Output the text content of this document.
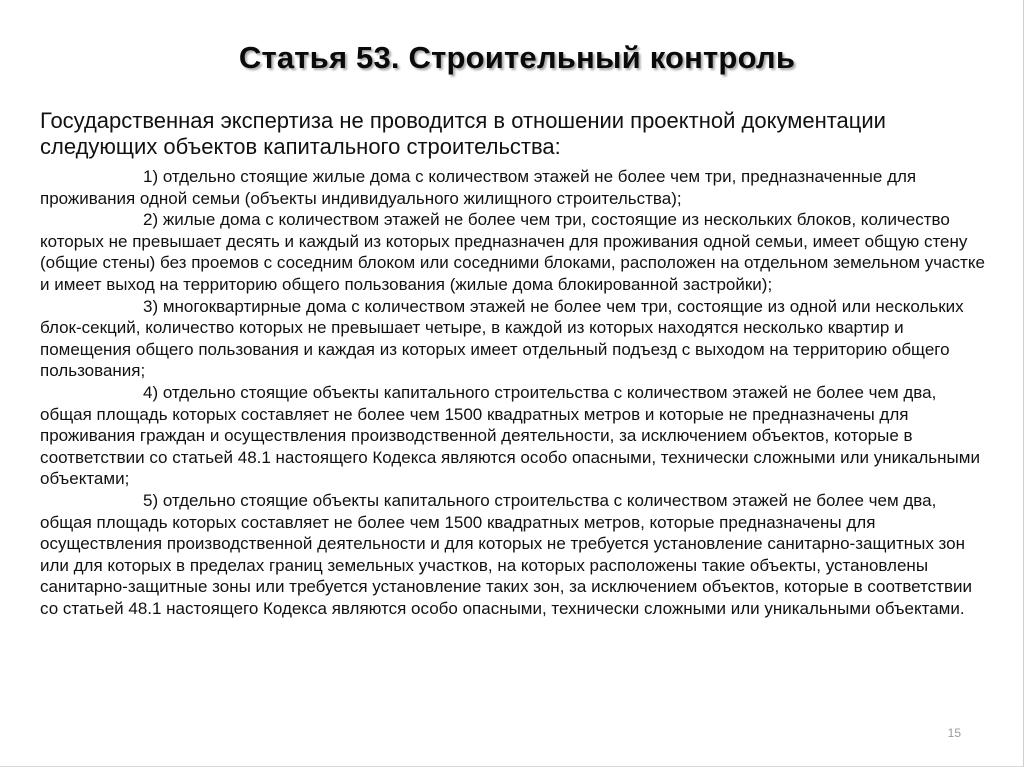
Статья 53. Строительный контроль

Государственная экспертиза не проводится в отношении проектной документации следующих объектов капитального строительства:

1) отдельно стоящие жилые дома с количеством этажей не более чем три, предназначенные для проживания одной семьи (объекты индивидуального жилищного строительства);
2) жилые дома с количеством этажей не более чем три, состоящие из нескольких блоков, количество которых не превышает десять и каждый из которых предназначен для проживания одной семьи, имеет общую стену (общие стены) без проемов с соседним блоком или соседними блоками, расположен на отдельном земельном участке и имеет выход на территорию общего пользования (жилые дома блокированной застройки);
3) многоквартирные дома с количеством этажей не более чем три, состоящие из одной или нескольких блок-секций, количество которых не превышает четыре, в каждой из которых находятся несколько квартир и помещения общего пользования и каждая из которых имеет отдельный подъезд с выходом на территорию общего пользования;
4) отдельно стоящие объекты капитального строительства с количеством этажей не более чем два, общая площадь которых составляет не более чем 1500 квадратных метров и которые не предназначены для проживания граждан и осуществления производственной деятельности, за исключением объектов, которые в соответствии со статьей 48.1 настоящего Кодекса являются особо опасными, технически сложными или уникальными объектами;
5) отдельно стоящие объекты капитального строительства с количеством этажей не более чем два, общая площадь которых составляет не более чем 1500 квадратных метров, которые предназначены для осуществления производственной деятельности и для которых не требуется установление санитарно-защитных зон или для которых в пределах границ земельных участков, на которых расположены такие объекты, установлены санитарно-защитные зоны или требуется установление таких зон, за исключением объектов, которые в соответствии со статьей 48.1 настоящего Кодекса являются особо опасными, технически сложными или уникальными объектами.
15
